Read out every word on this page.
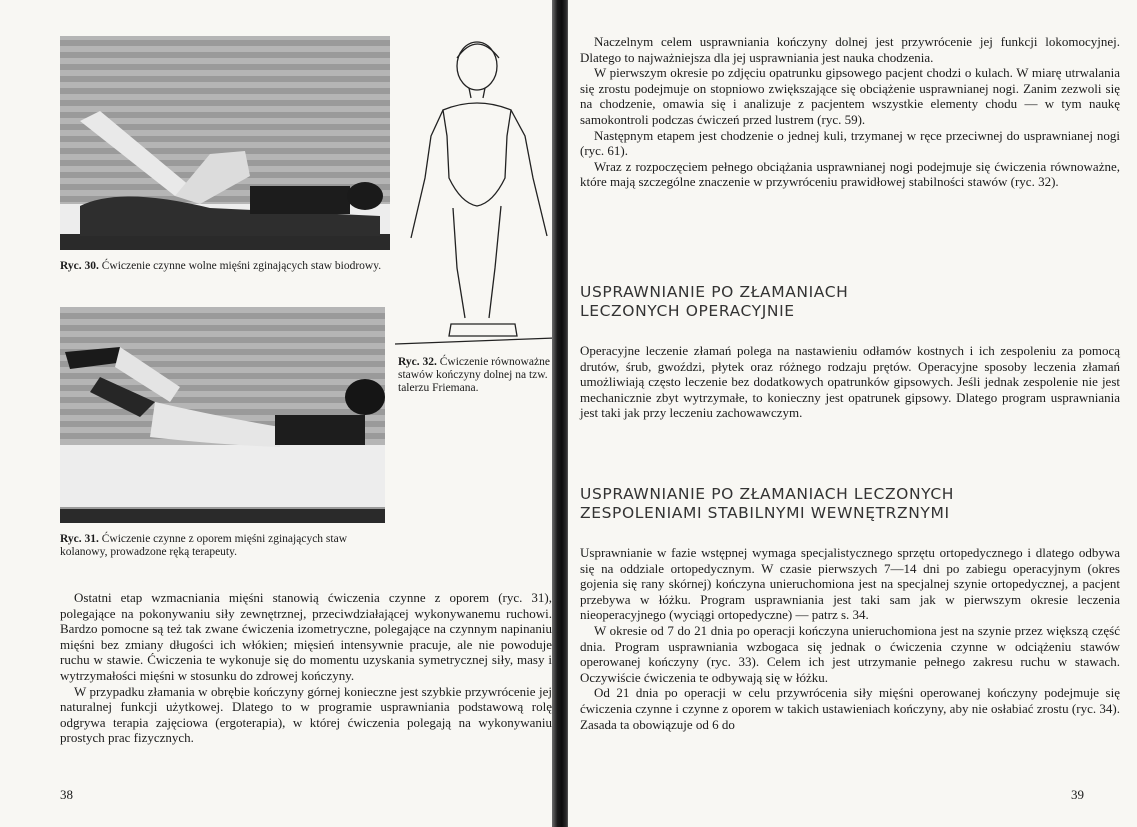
Ryc. 30. Ćwiczenie czynne wolne mięśni zginających staw biodrowy.
Ryc. 31. Ćwiczenie czynne z oporem mięśni zginających staw kolanowy, prowadzone ręką terapeuty.
Ryc. 32. Ćwiczenie równoważne stawów kończyny dolnej na tzw. talerzu Friemana.

Ostatni etap wzmacniania mięśni stanowią ćwiczenia czynne z oporem (ryc. 31), polegające na pokonywaniu siły zewnętrznej, przeciwdziałającej wykonywanemu ruchowi. Bardzo pomocne są też tak zwane ćwiczenia izometryczne, polegające na czynnym napinaniu mięśni bez zmiany długości ich włókien; mięsień intensywnie pracuje, ale nie powoduje ruchu w stawie. Ćwiczenia te wykonuje się do momentu uzyskania symetrycznej siły, masy i wytrzymałości mięśni w stosunku do zdrowej kończyny.

W przypadku złamania w obrębie kończyny górnej konieczne jest szybkie przywrócenie jej naturalnej funkcji użytkowej. Dlatego to w programie usprawniania podstawową rolę odgrywa terapia zajęciowa (ergoterapia), w której ćwiczenia polegają na wykonywaniu prostych prac fizycznych.

38

Naczelnym celem usprawniania kończyny dolnej jest przywrócenie jej funkcji lokomocyjnej. Dlatego to najważniejsza dla jej usprawniania jest nauka chodzenia.

W pierwszym okresie po zdjęciu opatrunku gipsowego pacjent chodzi o kulach. W miarę utrwalania się zrostu podejmuje on stopniowo zwiększające się obciążenie usprawnianej nogi. Zanim zezwoli się na chodzenie, omawia się i analizuje z pacjentem wszystkie elementy chodu — w tym naukę samokontroli podczas ćwiczeń przed lustrem (ryc. 59).

Następnym etapem jest chodzenie o jednej kuli, trzymanej w ręce przeciwnej do usprawnianej nogi (ryc. 61).

Wraz z rozpoczęciem pełnego obciążania usprawnianej nogi podejmuje się ćwiczenia równoważne, które mają szczególne znaczenie w przywróceniu prawidłowej stabilności stawów (ryc. 32).

USPRAWNIANIE PO ZŁAMANIACH
LECZONYCH OPERACYJNIE

Operacyjne leczenie złamań polega na nastawieniu odłamów kostnych i ich zespoleniu za pomocą drutów, śrub, gwoździ, płytek oraz różnego rodzaju prętów. Operacyjne sposoby leczenia złamań umożliwiają często leczenie bez dodatkowych opatrunków gipsowych. Jeśli jednak zespolenie nie jest mechanicznie zbyt wytrzymałe, to konieczny jest opatrunek gipsowy. Dlatego program usprawniania jest taki jak przy leczeniu zachowawczym.

USPRAWNIANIE PO ZŁAMANIACH LECZONYCH
ZESPOLENIAMI STABILNYMI WEWNĘTRZNYMI

Usprawnianie w fazie wstępnej wymaga specjalistycznego sprzętu ortopedycznego i dlatego odbywa się na oddziale ortopedycznym. W czasie pierwszych 7—14 dni po zabiegu operacyjnym (okres gojenia się rany skórnej) kończyna unieruchomiona jest na specjalnej szynie ortopedycznej, a pacjent przebywa w łóżku. Program usprawniania jest taki sam jak w pierwszym okresie leczenia nieoperacyjnego (wyciągi ortopedyczne) — patrz s. 34.

W okresie od 7 do 21 dnia po operacji kończyna unieruchomiona jest na szynie przez większą część dnia. Program usprawniania wzbogaca się jednak o ćwiczenia czynne w odciążeniu stawów operowanej kończyny (ryc. 33). Celem ich jest utrzymanie pełnego zakresu ruchu w stawach. Oczywiście ćwiczenia te odbywają się w łóżku.

Od 21 dnia po operacji w celu przywrócenia siły mięśni operowanej kończyny podejmuje się ćwiczenia czynne i czynne z oporem w takich ustawieniach kończyny, aby nie osłabiać zrostu (ryc. 34). Zasada ta obowiązuje od 6 do

39
